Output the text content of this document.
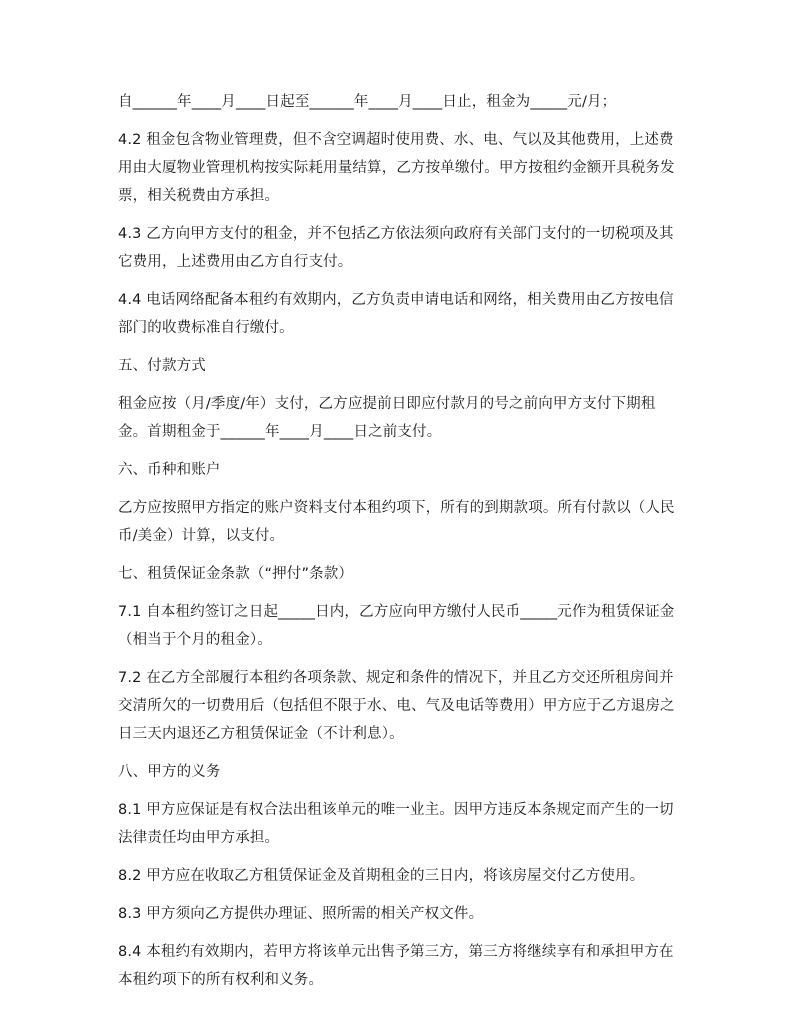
自______年____月____日起至______年____月____日止，租金为_____元/月；

4.2 租金包含物业管理费，但不含空调超时使用费、水、电、气以及其他费用，上述费用由大厦物业管理机构按实际耗用量结算，乙方按单缴付。甲方按租约金额开具税务发票，相关税费由方承担。

4.3 乙方向甲方支付的租金，并不包括乙方依法须向政府有关部门支付的一切税项及其它费用，上述费用由乙方自行支付。

4.4 电话网络配备本租约有效期内，乙方负责申请电话和网络，相关费用由乙方按电信部门的收费标准自行缴付。

五、付款方式

租金应按（月/季度/年）支付，乙方应提前日即应付款月的号之前向甲方支付下期租金。首期租金于______年____月____日之前支付。

六、币种和账户

乙方应按照甲方指定的账户资料支付本租约项下，所有的到期款项。所有付款以（人民币/美金）计算，以支付。

七、租赁保证金条款（“押付”条款）

7.1 自本租约签订之日起_____日内，乙方应向甲方缴付人民币_____元作为租赁保证金（相当于个月的租金）。

7.2 在乙方全部履行本租约各项条款、规定和条件的情况下，并且乙方交还所租房间并交清所欠的一切费用后（包括但不限于水、电、气及电话等费用）甲方应于乙方退房之日三天内退还乙方租赁保证金（不计利息）。

八、甲方的义务

8.1 甲方应保证是有权合法出租该单元的唯一业主。因甲方违反本条规定而产生的一切法律责任均由甲方承担。

8.2 甲方应在收取乙方租赁保证金及首期租金的三日内，将该房屋交付乙方使用。

8.3 甲方须向乙方提供办理证、照所需的相关产权文件。

8.4 本租约有效期内，若甲方将该单元出售予第三方，第三方将继续享有和承担甲方在本租约项下的所有权利和义务。
